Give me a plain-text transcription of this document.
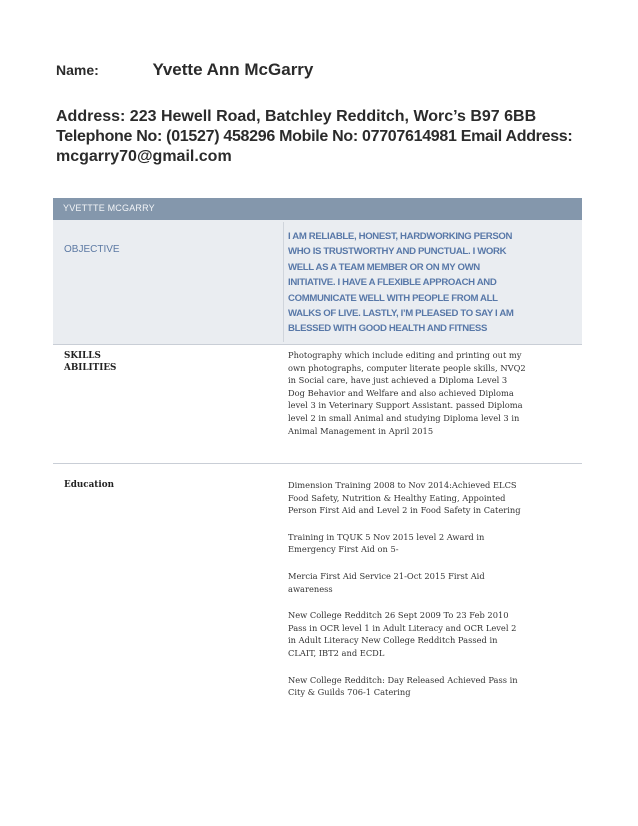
Name:	Yvette Ann McGarry
Address: 223 Hewell Road, Batchley Redditch, Worc’s B97 6BB
Telephone No: (01527) 458296 Mobile No: 07707614981 Email Address:
mcgarry70@gmail.com
YVETTTE MCGARRY
OBJECTIVE
I AM RELIABLE, HONEST, HARDWORKING PERSON WHO IS TRUSTWORTHY AND PUNCTUAL. I WORK WELL AS A TEAM MEMBER OR ON MY OWN INITIATIVE. I HAVE A FLEXIBLE APPROACH AND COMMUNICATE WELL WITH PEOPLE FROM ALL WALKS OF LIVE. LASTLY, I’M PLEASED TO SAY I AM BLESSED WITH GOOD HEALTH AND FITNESS
SKILLS
ABILITIES
Photography which include editing and printing out my own photographs, computer literate people skills, NVQ2 in Social care, have just achieved a Diploma Level 3 Dog Behavior and Welfare and also achieved Diploma level 3 in Veterinary Support Assistant. passed Diploma level 2 in small Animal and studying Diploma level 3 in Animal Management in April 2015
Education	Dimension Training 2008 to Nov 2014:Achieved ELCS Food Safety, Nutrition & Healthy Eating, Appointed Person First Aid and Level 2 in Food Safety in Catering
Training in TQUK 5 Nov 2015 level 2 Award in Emergency First Aid on 5-
Mercia First Aid Service 21-Oct 2015 First Aid awareness
New College Redditch 26 Sept 2009 To 23 Feb 2010 Pass in OCR level 1 in Adult Literacy and OCR Level 2 in Adult Literacy New College Redditch Passed in CLAIT, IBT2 and ECDL
New College Redditch: Day Released Achieved Pass in City & Guilds 706-1 Catering
